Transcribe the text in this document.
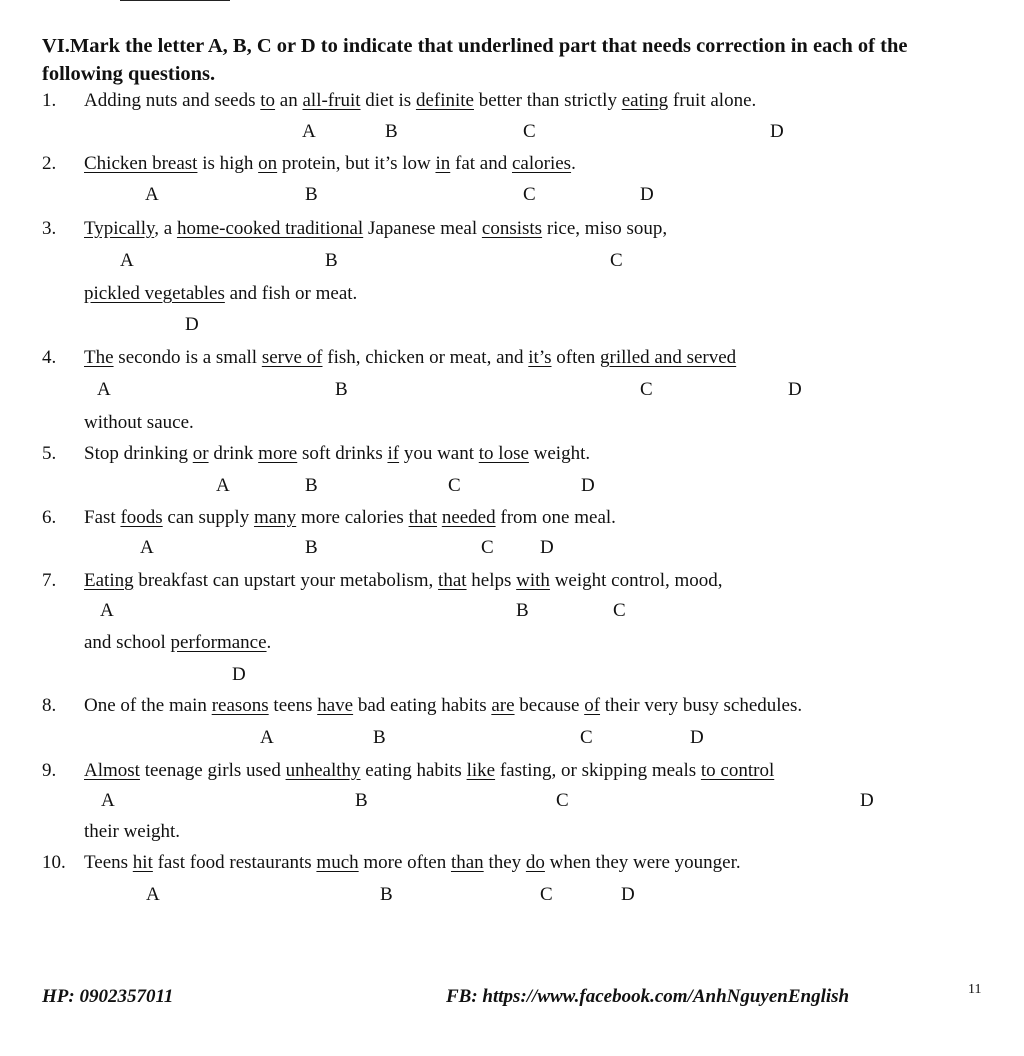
VI.Mark the letter A, B, C or D to indicate that underlined part that needs correction in each of the following questions.
1. Adding nuts and seeds to an all-fruit diet is definite better than strictly eating fruit alone.
A	B	C	D
2. Chicken breast is high on protein, but it’s low in fat and calories.
A	B	C	D
3. Typically, a home-cooked traditional Japanese meal consists rice, miso soup,
pickled vegetables and fish or meat.
A	B	C
D
4. The secondo is a small serve of fish, chicken or meat, and it’s often grilled and served
without sauce.
A	B	C	D
5. Stop drinking or drink more soft drinks if you want to lose weight.
A	B	C	D
6. Fast foods can supply many more calories that needed from one meal.
A	B	C D
7. Eating breakfast can upstart your metabolism, that helps with weight control, mood,
and school performance.
A	B	C
D
8. One of the main reasons teens have bad eating habits are because of their very busy schedules.
A	B	C	D
9. Almost teenage girls used unhealthy eating habits like fasting, or skipping meals to control
their weight.
A	B	C	D
10. Teens hit fast food restaurants much more often than they do when they were younger.
A	B	C	D
HP: 0902357011	FB: https://www.facebook.com/AnhNguyenEnglish	11
